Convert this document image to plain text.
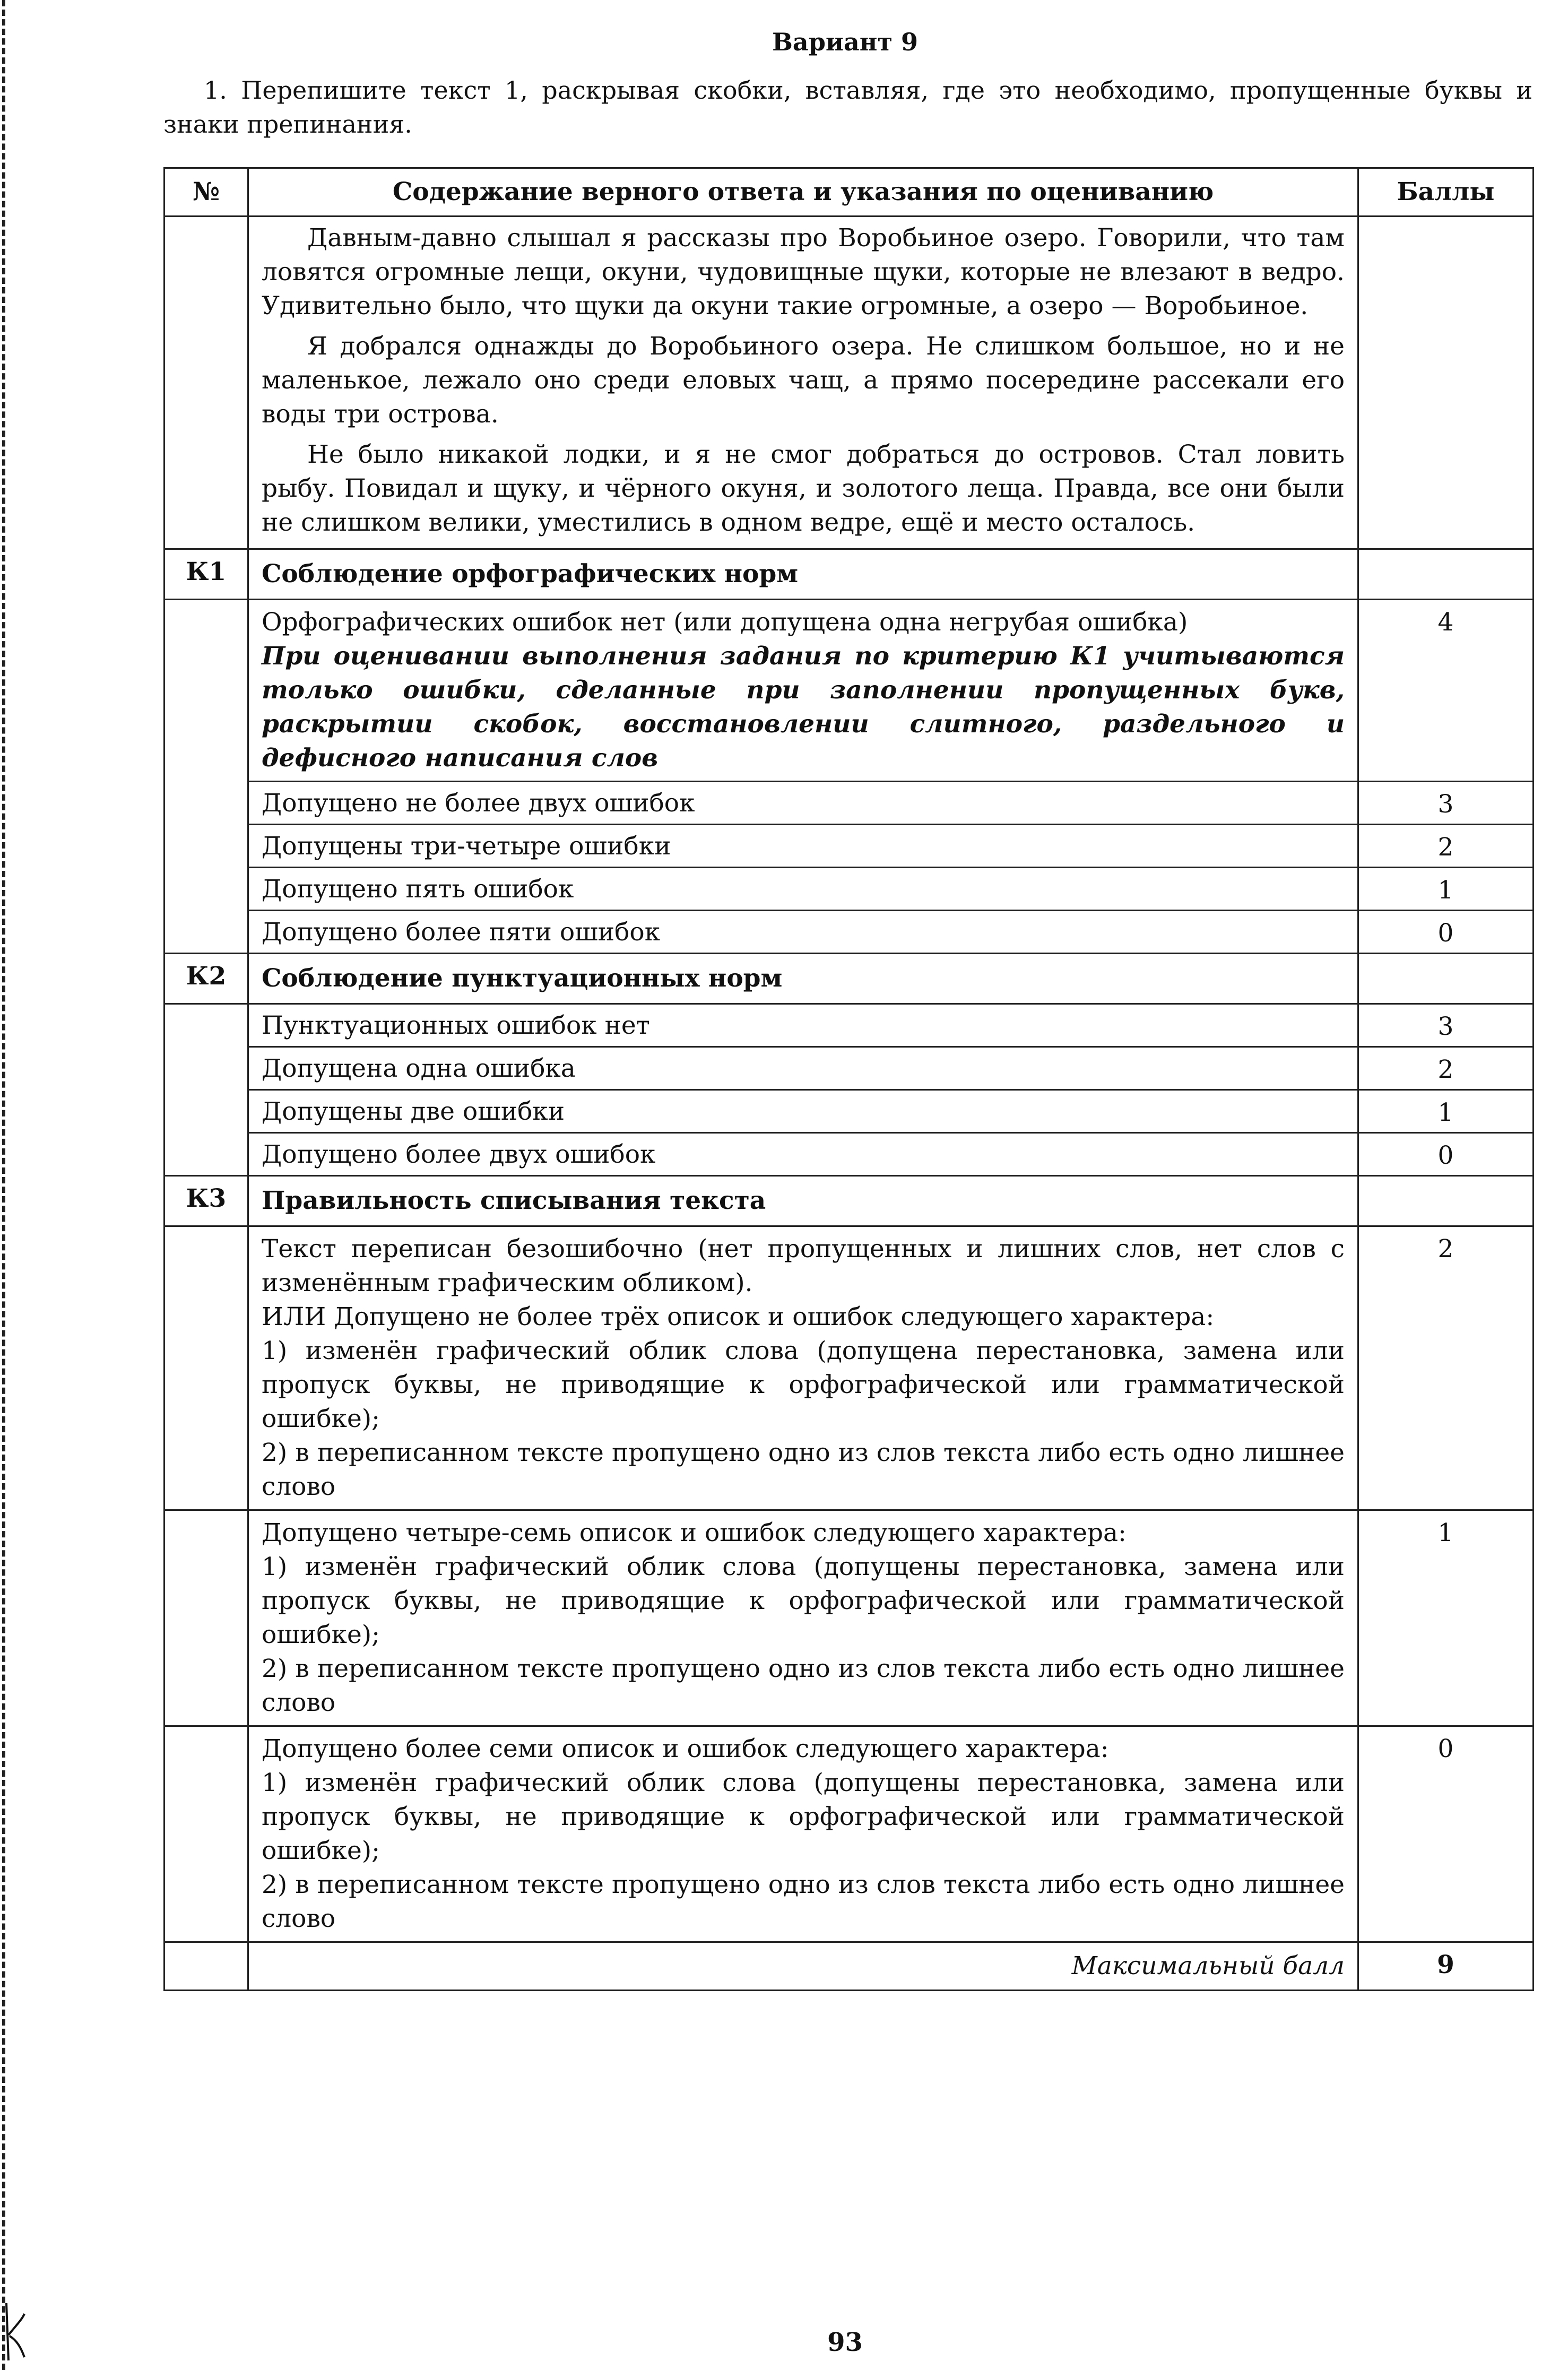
Вариант 9
1. Перепишите текст 1, раскрывая скобки, вставляя, где это необходимо, пропущенные буквы и знаки препинания.
№	Содержание верного ответа и указания по оцениванию	Баллы

	Давным-давно слышал я рассказы про Воробьиное озеро. Говорили, что там ловятся огромные лещи, окуни, чудовищные щуки, которые не влезают в ведро. Удивительно было, что щуки да окуни такие огромные, а озеро — Воробьиное.

Я добрался однажды до Воробьиного озера. Не слишком большое, но и не маленькое, лежало оно среди еловых чащ, а прямо посередине рассекали его воды три острова.

Не было никакой лодки, и я не смог добраться до островов. Стал ловить рыбу. Повидал и щуку, и чёрного окуня, и золотого леща. Правда, все они были не слишком велики, уместились в одном ведре, ещё и место осталось.	

К1	Соблюдение орфографических норм	

	Орфографических ошибок нет (или допущена одна негрубая ошибка)
При оценивании выполнения задания по критерию К1 учитываются только ошибки, сделанные при заполнении пропущенных букв, раскрытии скобок, восстановлении слитного, раздельного и дефисного написания слов	4
	Допущено не более двух ошибок	3
	Допущены три-четыре ошибки	2
	Допущено пять ошибок	1
	Допущено более пяти ошибок	0
К2	Соблюдение пунктуационных норм	
	Пунктуационных ошибок нет	3
	Допущена одна ошибка	2
	Допущены две ошибки	1
	Допущено более двух ошибок	0
К3	Правильность списывания текста	

	Текст переписан безошибочно (нет пропущенных и лишних слов, нет слов с изменённым графическим обликом).
ИЛИ Допущено не более трёх описок и ошибок следующего характера:
1) изменён графический облик слова (допущена перестановка, замена или пропуск буквы, не приводящие к орфографической или грамматической ошибке);
2) в переписанном тексте пропущено одно из слов текста либо есть одно лишнее слово	2

	Допущено четыре-семь описок и ошибок следующего характера:
1) изменён графический облик слова (допущены перестановка, замена или пропуск буквы, не приводящие к орфографической или грамматической ошибке);
2) в переписанном тексте пропущено одно из слов текста либо есть одно лишнее слово	1

	Допущено более семи описок и ошибок следующего характера:
1) изменён графический облик слова (допущены перестановка, замена или пропуск буквы, не приводящие к орфографической или грамматической ошибке);
2) в переписанном тексте пропущено одно из слов текста либо есть одно лишнее слово	0
	Максимальный балл	9
93
